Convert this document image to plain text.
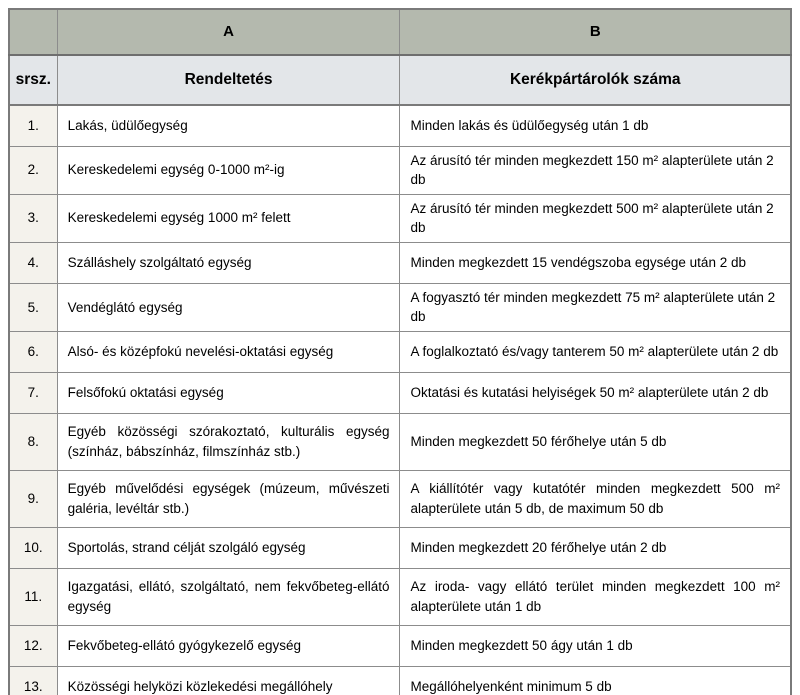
	A	B
srsz.	Rendeltetés	Kerékpártárolók száma
1.	Lakás, üdülőegység	Minden lakás és üdülőegység után 1 db
2.	Kereskedelemi egység 0-1000 m²-ig	Az árusító tér minden megkezdett 150 m² alapterülete után 2 db
3.	Kereskedelemi egység 1000 m² felett	Az árusító tér minden megkezdett 500 m² alapterülete után 2 db
4.	Szálláshely szolgáltató egység	Minden megkezdett 15 vendégszoba egysége után 2 db
5.	Vendéglátó egység	A fogyasztó tér minden megkezdett 75 m² alapterülete után 2 db
6.	Alsó- és középfokú nevelési-oktatási egység	A foglalkoztató és/vagy tanterem 50 m² alapterülete után 2 db
7.	Felsőfokú oktatási egység	Oktatási és kutatási helyiségek 50 m² alapterülete után 2 db
8.	Egyéb közösségi szórakoztató, kulturális egység (színház, bábszínház, filmszínház stb.)	Minden megkezdett 50 férőhelye után 5 db
9.	Egyéb művelődési egységek (múzeum, művészeti galéria, levéltár stb.)	A kiállítótér vagy kutatótér minden megkezdett 500 m² alapterülete után 5 db, de maximum 50 db
10.	Sportolás, strand célját szolgáló egység	Minden megkezdett 20 férőhelye után 2 db
11.	Igazgatási, ellátó, szolgáltató, nem fekvőbeteg-ellátó egység	Az iroda- vagy ellátó terület minden megkezdett 100 m² alapterülete után 1 db
12.	Fekvőbeteg-ellátó gyógykezelő egység	Minden megkezdett 50 ágy után 1 db
13.	Közösségi helyközi közlekedési megállóhely	Megállóhelyenként minimum 5 db
